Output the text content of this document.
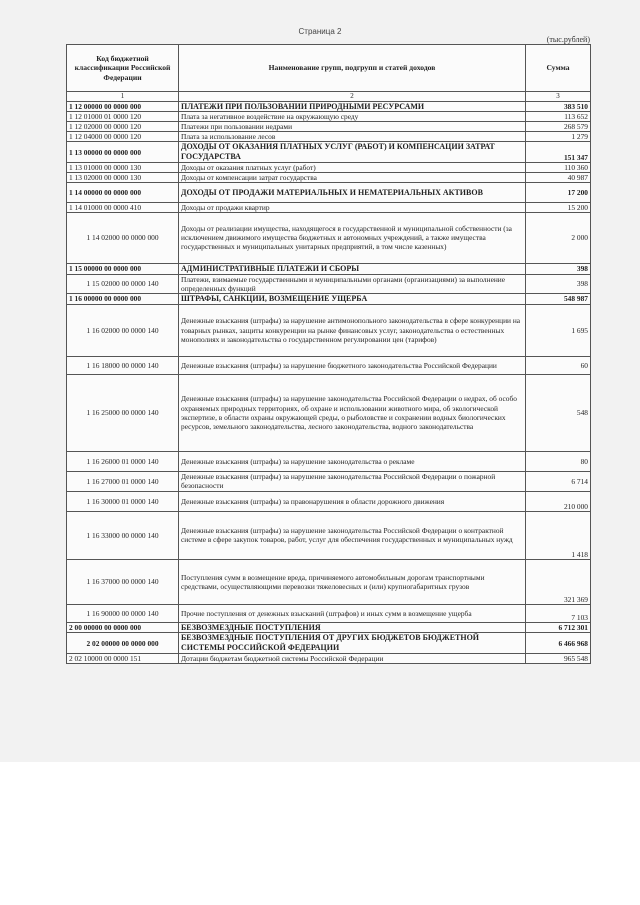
Страница 2
(тыс.рублей)
Код бюджетной классификации Российской Федерации	Наименование групп, подгрупп и статей доходов	Сумма
1	2	3
1 12 00000 00 0000 000	ПЛАТЕЖИ ПРИ ПОЛЬЗОВАНИИ ПРИРОДНЫМИ РЕСУРСАМИ	383 510
1 12 01000 01 0000 120	Плата за негативное воздействие на окружающую среду	113 652
1 12 02000 00 0000 120	Платежи при пользовании недрами	268 579
1 12 04000 00 0000 120	Плата за использование лесов	1 279
1 13 00000 00 0000 000	ДОХОДЫ ОТ ОКАЗАНИЯ ПЛАТНЫХ УСЛУГ (РАБОТ) И КОМПЕНСАЦИИ ЗАТРАТ ГОСУДАРСТВА	151 347
1 13 01000 00 0000 130	Доходы от оказания платных услуг (работ)	110 360
1 13 02000 00 0000 130	Доходы от компенсации затрат государства	40 987
1 14 00000 00 0000 000	ДОХОДЫ ОТ ПРОДАЖИ МАТЕРИАЛЬНЫХ И НЕМАТЕРИАЛЬНЫХ АКТИВОВ	17 200
1 14 01000 00 0000 410	Доходы от продажи квартир	15 200
1 14 02000 00 0000 000	Доходы от реализации имущества, находящегося в государственной и муниципальной собственности (за исключением движимого имущества бюджетных и автономных учреждений, а также имущества государственных и муниципальных унитарных предприятий, в том числе казенных)	2 000
1 15 00000 00 0000 000	АДМИНИСТРАТИВНЫЕ ПЛАТЕЖИ И СБОРЫ	398
1 15 02000 00 0000 140	Платежи, взимаемые государственными и муниципальными органами (организациями) за выполнение определенных функций	398
1 16 00000 00 0000 000	ШТРАФЫ, САНКЦИИ, ВОЗМЕЩЕНИЕ УЩЕРБА	548 987
1 16 02000 00 0000 140	Денежные взыскания (штрафы) за нарушение антимонопольного законодательства в сфере конкуренции на товарных рынках, защиты конкуренции на рынке финансовых услуг, законодательства о естественных монополиях и законодательства о государственном регулировании цен (тарифов)	1 695
1 16 18000 00 0000 140	Денежные взыскания (штрафы) за нарушение бюджетного законодательства Российской Федерации	60
1 16 25000 00 0000 140	Денежные взыскания (штрафы) за нарушение законодательства Российской Федерации о недрах, об особо охраняемых природных территориях, об охране и использовании животного мира, об экологической экспертизе, в области охраны окружающей среды, о рыболовстве и сохранении водных биологических ресурсов, земельного законодательства, лесного законодательства, водного законодательства	548
1 16 26000 01 0000 140	Денежные взыскания (штрафы) за нарушение законодательства о рекламе	80
1 16 27000 01 0000 140	Денежные взыскания (штрафы) за нарушение законодательства Российской Федерации о пожарной безопасности	6 714
1 16 30000 01 0000 140	Денежные взыскания (штрафы) за правонарушения в области дорожного движения	210 000
1 16 33000 00 0000 140	Денежные взыскания (штрафы) за нарушение законодательства Российской Федерации о контрактной системе в сфере закупок товаров, работ, услуг для обеспечения государственных и муниципальных нужд	1 418
1 16 37000 00 0000 140	Поступления сумм в возмещение вреда, причиняемого автомобильным дорогам транспортными средствами, осуществляющими перевозки тяжеловесных и (или) крупногабаритных грузов	321 369
1 16 90000 00 0000 140	Прочие поступления от денежных взысканий (штрафов) и иных сумм в возмещение ущерба	7 103
2 00 00000 00 0000 000	БЕЗВОЗМЕЗДНЫЕ ПОСТУПЛЕНИЯ	6 712 301
2 02 00000 00 0000 000	БЕЗВОЗМЕЗДНЫЕ ПОСТУПЛЕНИЯ ОТ ДРУГИХ БЮДЖЕТОВ БЮДЖЕТНОЙ СИСТЕМЫ РОССИЙСКОЙ ФЕДЕРАЦИИ	6 466 968
2 02 10000 00 0000 151	Дотации бюджетам бюджетной системы Российской Федерации	965 548
